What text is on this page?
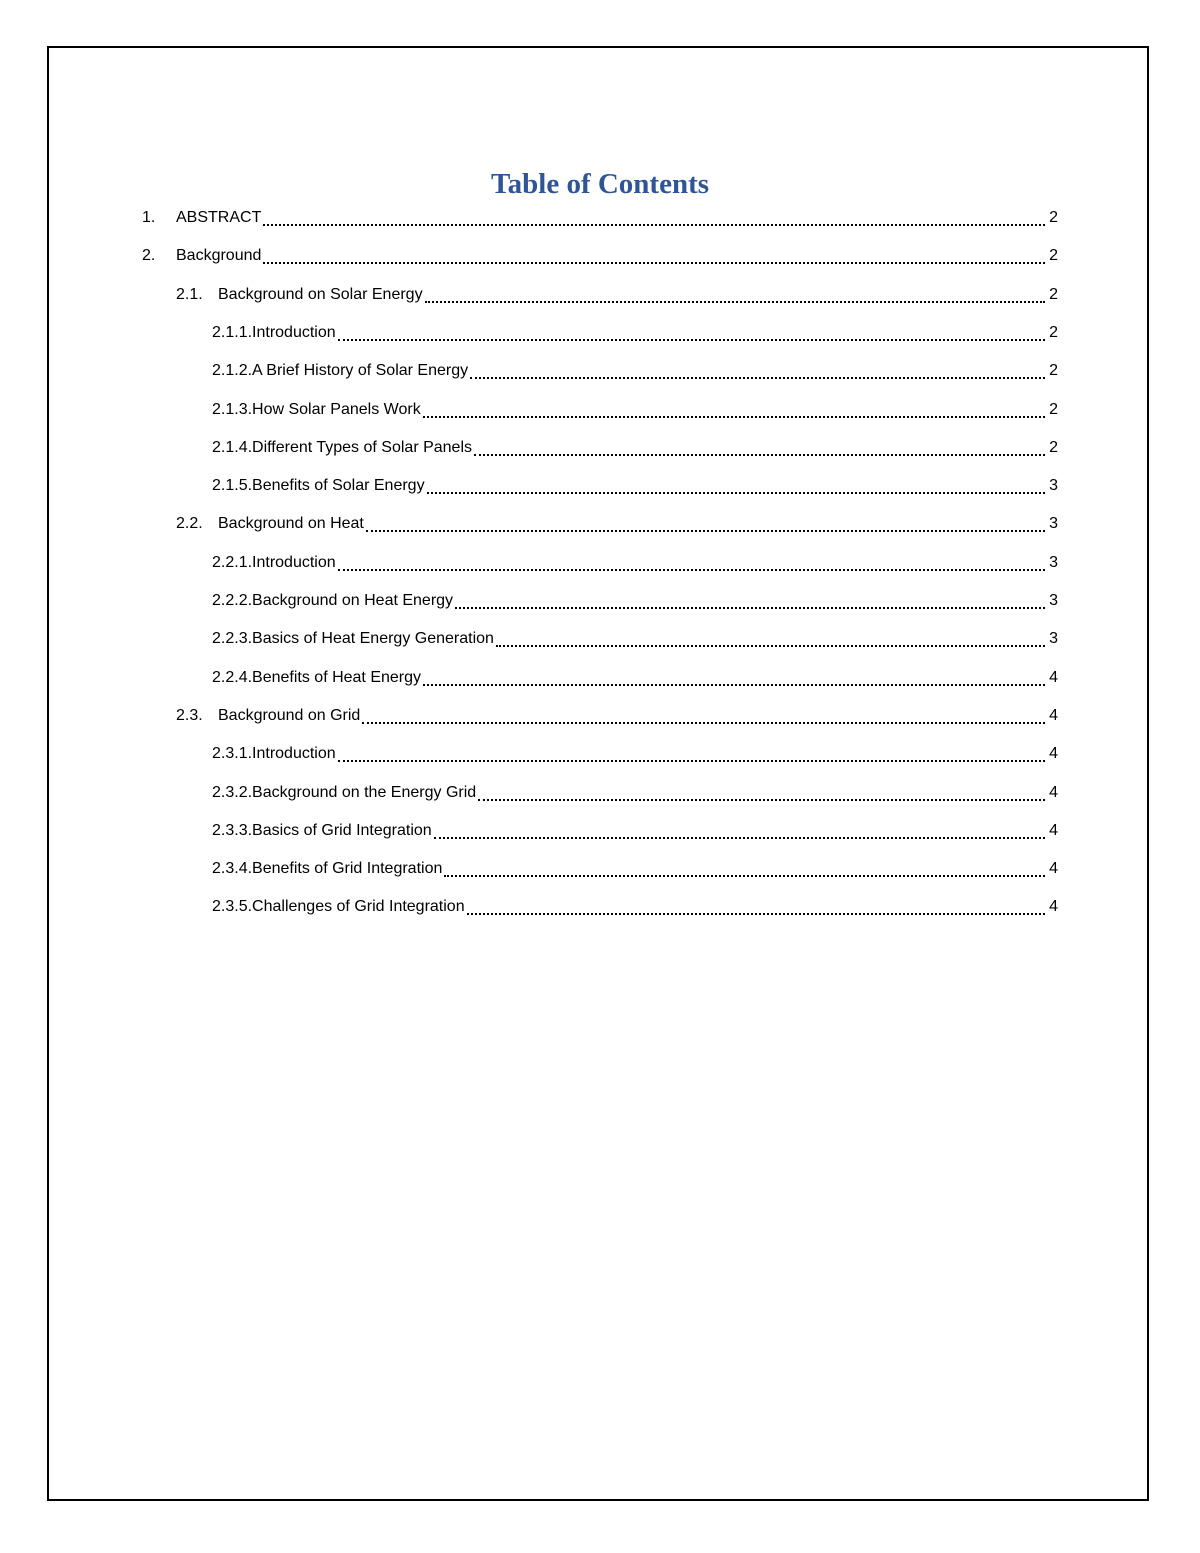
Table of Contents
1.	ABSTRACT	2
2.	Background	2
2.1. Background on Solar Energy	2
2.1.1. Introduction	2
2.1.2. A Brief History of Solar Energy	2
2.1.3. How Solar Panels Work	2
2.1.4. Different Types of Solar Panels	2
2.1.5. Benefits of Solar Energy	3
2.2. Background on Heat	3
2.2.1. Introduction	3
2.2.2. Background on Heat Energy	3
2.2.3. Basics of Heat Energy Generation	3
2.2.4. Benefits of Heat Energy	4
2.3. Background on Grid	4
2.3.1. Introduction	4
2.3.2. Background on the Energy Grid	4
2.3.3. Basics of Grid Integration	4
2.3.4. Benefits of Grid Integration	4
2.3.5. Challenges of Grid Integration	4
